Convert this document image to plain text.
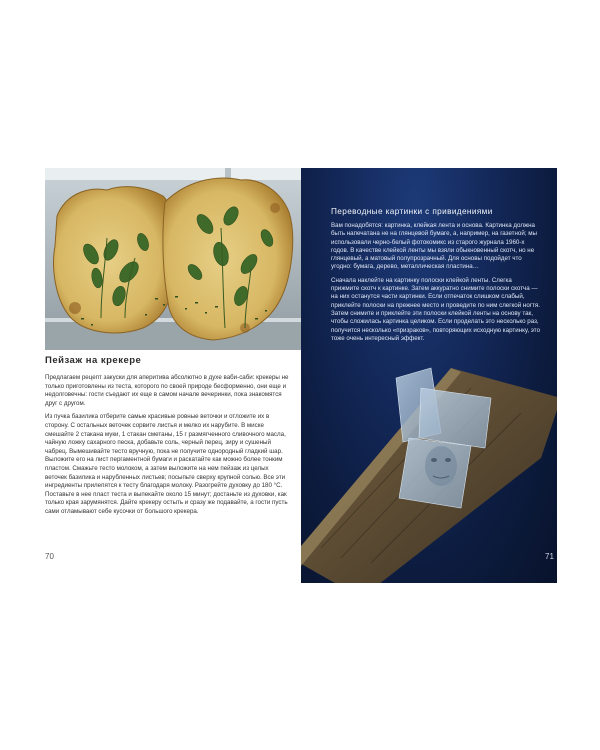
Пейзаж на крекере

Предлагаем рецепт закуски для аперитива абсолютно в духе ваби-саби: крекеры не только приготовлены из теста, которого по своей природе бесформенно, они еще и недолговечны: гости съедают их еще в самом начале вечеринки, пока знакомятся друг с другом.

Из пучка базилика отберите самые красивые ровные веточки и отложите их в сторону. С остальных веточек сорвите листья и мелко их нарубите. В миске смешайте 2 стакана муки, 1 стакан сметаны, 15 г размягченного сливочного масла, чайную ложку сахарного песка, добавьте соль, черный перец, зиру и сушеный чабрец. Вымешивайте тесто вручную, пока не получите однородный гладкий шар. Выложите его на лист пергаментной бумаги и раскатайте как можно более тонким пластом. Смажьте тесто молоком, а затем выложите на нем пейзаж из целых веточек базилика и нарубленных листьев; посыпьте сверху крупной солью. Все эти ингредиенты прилепятся к тесту благодаря молоку. Разогрейте духовку до 180 °С. Поставьте в нее пласт теста и выпекайте около 15 минут; достаньте из духовки, как только края зарумянятся. Дайте крекеру остыть и сразу же подавайте, а гости пусть сами отламывают себе кусочки от большого крекера.

70
Переводные картинки с привидениями

Вам понадобятся: картинка, клейкая лента и основа. Картинка должна быть напечатана не на глянцевой бумаге, а, например, на газетной; мы использовали черно-белый фотокомикс из старого журнала 1960-х годов. В качестве клейкой ленты мы взяли обыкновенный скотч, но не глянцевый, а матовый полупрозрачный. Для основы подойдет что угодно: бумага, дерево, металлическая пластина…

Сначала наклейте на картинку полоски клейкой ленты. Слегка прижмите скотч к картинке. Затем аккуратно снимите полоски скотча — на них останутся части картинки. Если отпечаток слишком слабый, приклейте полоски на прежнее место и проведите по ним слегкой ногтя. Затем снимите и приклейте эти полоски клейкой ленты на основу так, чтобы сложилась картинка целиком. Если проделать это несколько раз, получится несколько «призраков», повторяющих исходную картинку, это тоже очень интересный эффект.

71
